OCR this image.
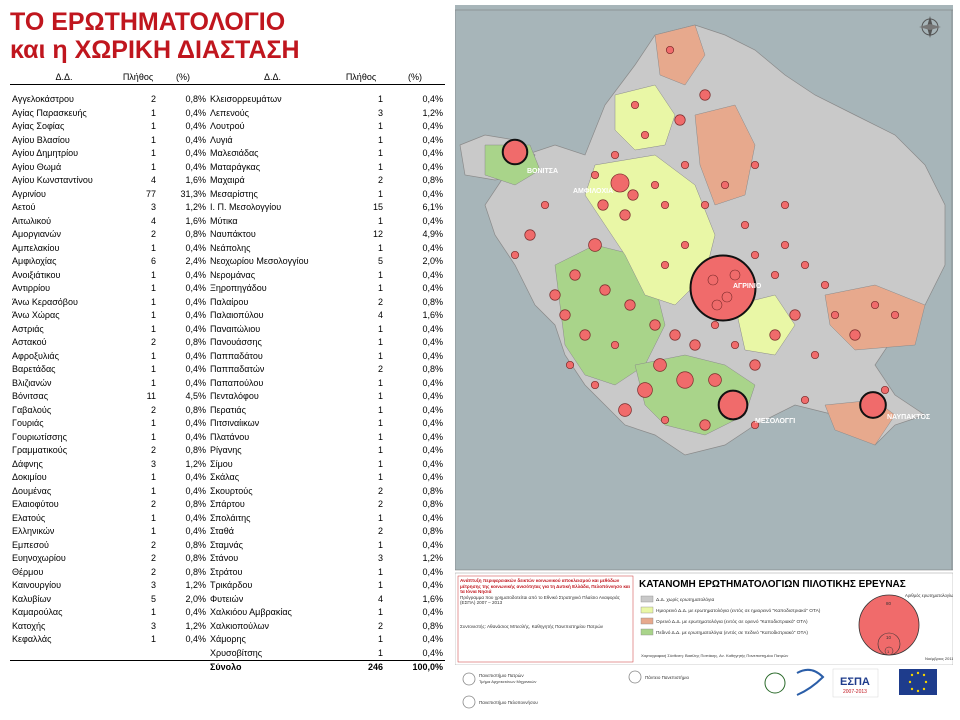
ΤΟ ΕΡΩΤΗΜΑΤΟΛΟΓΙΟ
και η ΧΩΡΙΚΗ ΔΙΑΣΤΑΣΗ
Δ.Δ.	Πλήθος	(%)	Δ.Δ.	Πλήθος	(%)

Αγγελοκάστρου	2	0,8%	Κλεισορρευμάτων	1	0,4%
Αγίας Παρασκευής	1	0,4%	Λεπενούς	3	1,2%
Αγίας Σοφίας	1	0,4%	Λουτρού	1	0,4%
Αγίου Βλασίου	1	0,4%	Λυγιά	1	0,4%
Αγίου Δημητρίου	1	0,4%	Μαλεσιάδας	1	0,4%
Αγίου Θωμά	1	0,4%	Ματαράγκας	1	0,4%
Αγίου Κωνσταντίνου	4	1,6%	Μαχαιρά	2	0,8%
Αγρινίου	77	31,3%	Μεσαρίστης	1	0,4%
Αετού	3	1,2%	Ι. Π. Μεσολογγίου	15	6,1%
Αιτωλικού	4	1,6%	Μύτικα	1	0,4%
Αμοργιανών	2	0,8%	Ναυπάκτου	12	4,9%
Αμπελακίου	1	0,4%	Νεάπολης	1	0,4%
Αμφιλοχίας	6	2,4%	Νεοχωρίου Μεσολογγίου	5	2,0%
Ανοιξιάτικου	1	0,4%	Νερομάνας	1	0,4%
Αντιρρίου	1	0,4%	Ξηροπηγάδου	1	0,4%
Άνω Κερασόβου	1	0,4%	Παλαίρου	2	0,8%
Άνω Χώρας	1	0,4%	Παλαιοπύλου	4	1,6%
Αστριάς	1	0,4%	Παναιτώλιου	1	0,4%
Αστακού	2	0,8%	Πανουάσσης	1	0,4%
Αφροξυλιάς	1	0,4%	Παππαδάτου	1	0,4%
Βαρετάδας	1	0,4%	Παππαδατών	2	0,8%
Βλιζιανών	1	0,4%	Παπαπούλου	1	0,4%
Βόνιτσας	11	4,5%	Πενταλόφου	1	0,4%
Γαβαλούς	2	0,8%	Περατιάς	1	0,4%
Γουριάς	1	0,4%	Πιτσιναίικων	1	0,4%
Γουριωτίσσης	1	0,4%	Πλατάνου	1	0,4%
Γραμματικούς	2	0,8%	Ρίγανης	1	0,4%
Δάφνης	3	1,2%	Σίμου	1	0,4%
Δοκιμίου	1	0,4%	Σκάλας	1	0,4%
Δουμένας	1	0,4%	Σκουρτούς	2	0,8%
Ελαιοφύτου	2	0,8%	Σπάρτου	2	0,8%
Ελατούς	1	0,4%	Σπολάιτης	1	0,4%
Ελληνικών	1	0,4%	Σταθά	2	0,8%
Εμπεσού	2	0,8%	Σταμνάς	1	0,4%
Ευηνοχωρίου	2	0,8%	Στάνου	3	1,2%
Θέρμου	2	0,8%	Στράτου	1	0,4%
Καινουργίου	3	1,2%	Τρικάρδου	1	0,4%
Καλυβίων	5	2,0%	Φυτειών	4	1,6%
Καμαρούλας	1	0,4%	Χαλκιόου Αμβρακίας	1	0,4%
Κατοχής	3	1,2%	Χαλκιοπούλων	2	0,8%
Κεφαλλάς	1	0,4%	Χάμορης	1	0,4%
			Χρυσοβίτσης	1	0,4%
			Σύνολο	246	100,0%
ΒΟΝΙΤΣΑ
ΑΜΦΙΛΟΧΙΑ
ΑΓΡΙΝΙΟ
ΜΕΣΟΛΟΓΓΙ
ΝΑΥΠΑΚΤΟΣ
Ανάπτυξη περιφερειακών δεικτών κοινωνικού αποκλεισμού και μεθόδων μέτρησης της κοινωνικής ανισότητας για τη Δυτική Ελλάδα, Πελοπόννησο και τα Ιόνια Νησιά
Πρόγραμμα που χρηματοδοτείται από το Εθνικό Στρατηγικό Πλαίσιο Αναφοράς (ΕΣΠΑ) 2007 – 2013
Συντονιστής: Αθανάσιος Μπεσλής, Καθηγητής Πανεπιστημίου Πατρών
ΚΑΤΑΝΟΜΗ ΕΡΩΤΗΜΑΤΟΛΟΓΙΩΝ ΠΙΛΟΤΙΚΗΣ ΕΡΕΥΝΑΣ
Δ.Δ. χωρίς ερωτηματολόγια
Ημιορεινό Δ.Δ. με ερωτηματολόγια (εντός σε ημιορεινό "Καποδιστριακό" ΟΤΑ)
Ορεινό Δ.Δ. με ερωτηματολόγια (εντός σε ορεινό "Καποδιστριακό" ΟΤΑ)
Πεδινό Δ.Δ. με ερωτηματολόγια (εντός σε πεδινό "Καποδιστριακό" ΟΤΑ)
80
10
1
Αριθμός ερωτηματολογίων
Νοέμβριος 2011
Χαρτογραφική Σύνθεση: Βασίλης Ποττάκης, Αν. Καθηγητής Πανεπιστημίου Πατρών
Πανεπιστήμιο Πατρών
Τμήμα Αρχιτεκτόνων Μηχανικών
Πανεπιστήμιο Πελοποννήσου
Πάντειο Πανεπιστήμιο	ΕΣΠΑ
2007-2013
